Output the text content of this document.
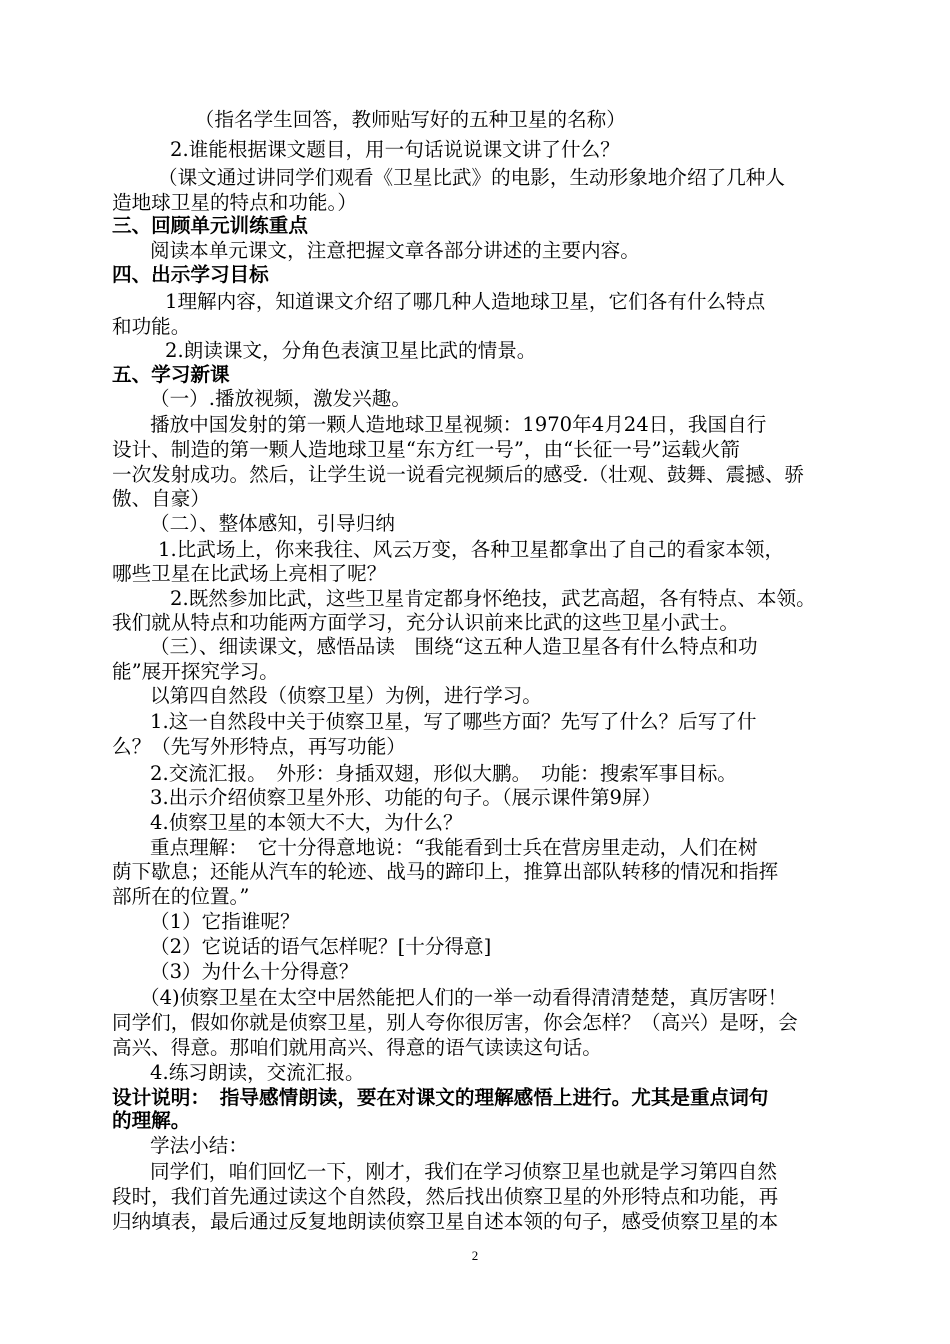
　（指名学生回答，教师贴写好的五种卫星的名称）
2.谁能根据课文题目，用一句话说说课文讲了什么？
（课文通过讲同学们观看《卫星比武》的电影，生动形象地介绍了几种人
造地球卫星的特点和功能。）
三、回顾单元训练重点
阅读本单元课文，注意把握文章各部分讲述的主要内容。
四、出示学习目标
1理解内容，知道课文介绍了哪几种人造地球卫星，它们各有什么特点
和功能。
2.朗读课文，分角色表演卫星比武的情景。
五、学习新课
（一）.播放视频，激发兴趣。
播放中国发射的第一颗人造地球卫星视频：1970年4月24日，我国自行
设计、制造的第一颗人造地球卫星“东方红一号”，由“长征一号”运载火箭
一次发射成功。然后，让学生说一说看完视频后的感受.（壮观、鼓舞、震撼、骄
傲、自豪）
（二）、整体感知，引导归纳
1.比武场上，你来我往、风云万变，各种卫星都拿出了自己的看家本领，
哪些卫星在比武场上亮相了呢？
2.既然参加比武，这些卫星肯定都身怀绝技，武艺高超，各有特点、本领。
我们就从特点和功能两方面学习，充分认识前来比武的这些卫星小武士。
（三）、细读课文，感悟品读　围绕“这五种人造卫星各有什么特点和功
能”展开探究学习。
以第四自然段（侦察卫星）为例，进行学习。
1.这一自然段中关于侦察卫星，写了哪些方面？先写了什么？后写了什
么？（先写外形特点，再写功能）
2.交流汇报。　外形：身插双翅，形似大鹏。　功能：搜索军事目标。
3.出示介绍侦察卫星外形、功能的句子。（展示课件第9屏）
4.侦察卫星的本领大不大，为什么？
重点理解：　它十分得意地说：“我能看到士兵在营房里走动，人们在树
荫下歇息；还能从汽车的轮迹、战马的蹄印上，推算出部队转移的情况和指挥
部所在的位置。”
（1）它指谁呢？
（2）它说话的语气怎样呢？[十分得意]
（3）为什么十分得意？
（4)侦察卫星在太空中居然能把人们的一举一动看得清清楚楚，真厉害呀！
同学们，假如你就是侦察卫星，别人夸你很厉害，你会怎样？（高兴）是呀，会
高兴、得意。那咱们就用高兴、得意的语气读读这句话。
4.练习朗读，交流汇报。
设计说明：　指导感情朗读，要在对课文的理解感悟上进行。尤其是重点词句
的理解。
学法小结：
同学们，咱们回忆一下，刚才，我们在学习侦察卫星也就是学习第四自然
段时，我们首先通过读这个自然段，然后找出侦察卫星的外形特点和功能，再
归纳填表，最后通过反复地朗读侦察卫星自述本领的句子，感受侦察卫星的本
2
